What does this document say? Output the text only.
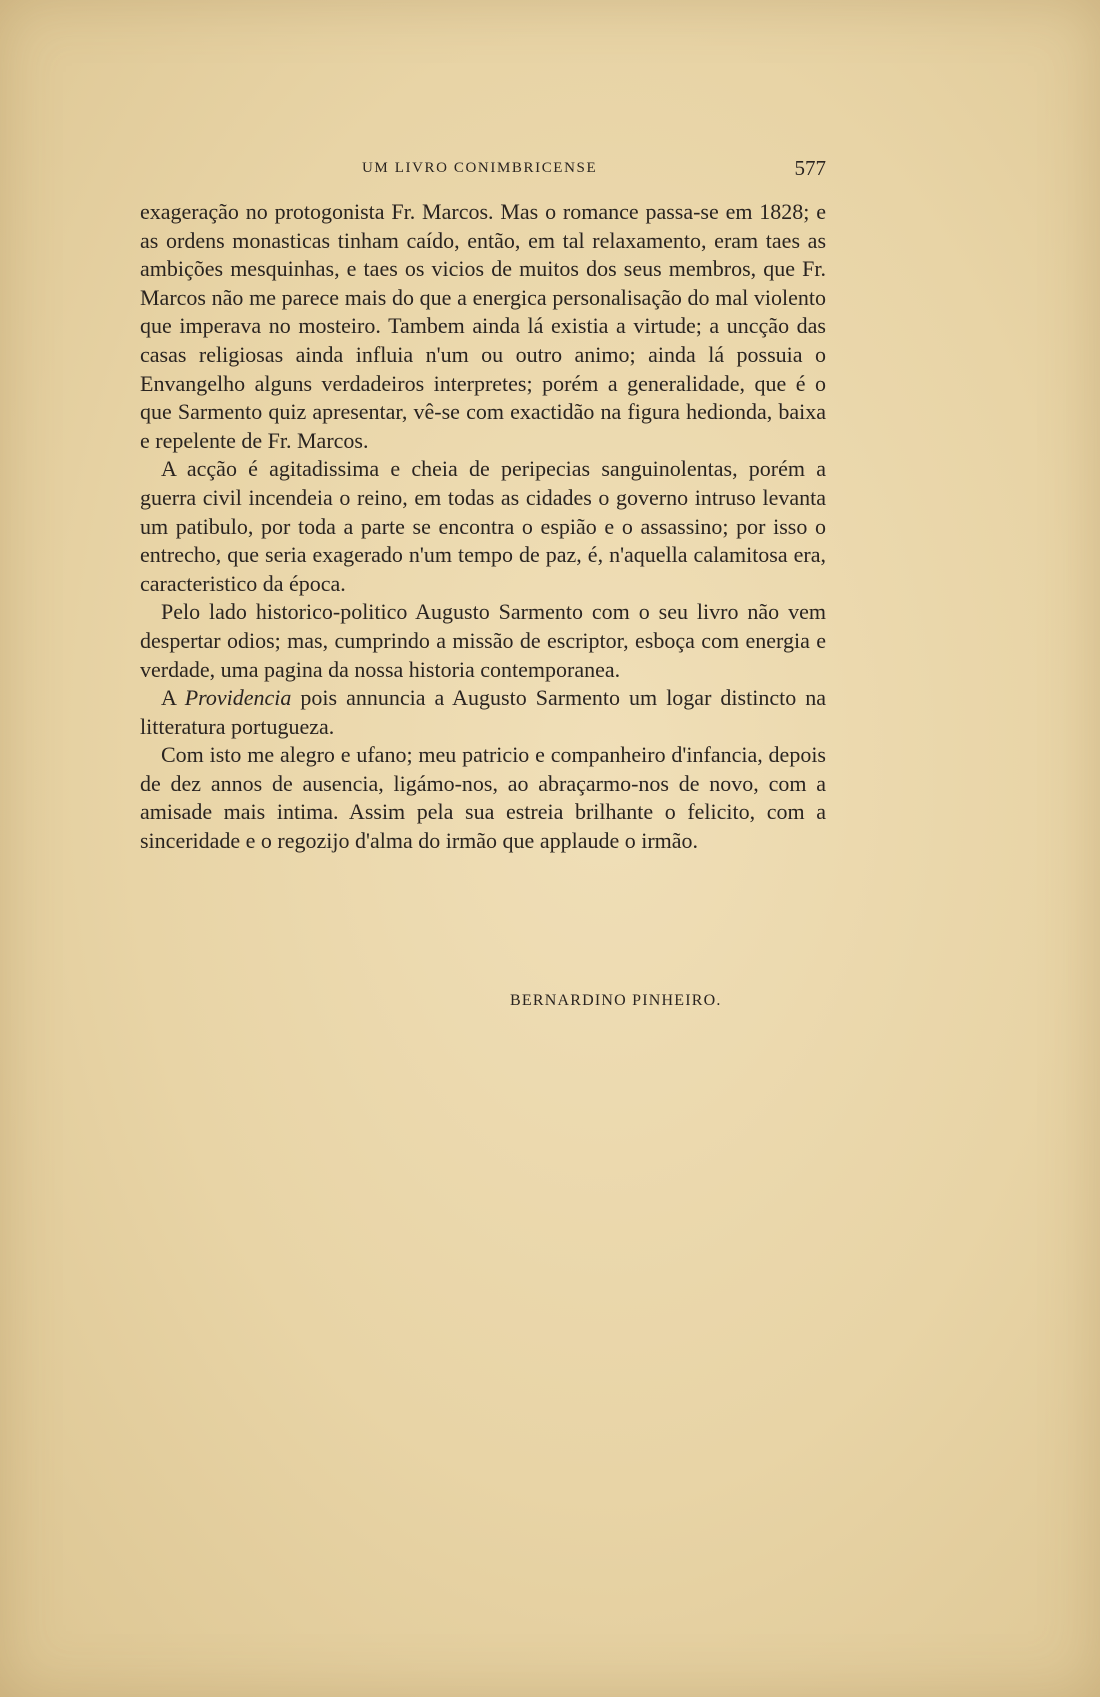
UM LIVRO CONIMBRICENSE	577

exageração no protogonista Fr. Marcos. Mas o romance passa-se em 1828; e as ordens monasticas tinham caído, então, em tal relaxamento, eram taes as ambições mesquinhas, e taes os vicios de muitos dos seus membros, que Fr. Marcos não me parece mais do que a energica personalisação do mal violento que imperava no mosteiro. Tambem ainda lá existia a virtude; a uncção das casas religiosas ainda influia n'um ou outro animo; ainda lá possuia o Envangelho alguns verdadeiros interpretes; porém a generalidade, que é o que Sarmento quiz apresentar, vê-se com exactidão na figura hedionda, baixa e repelente de Fr. Marcos.

A acção é agitadissima e cheia de peripecias sanguinolentas, porém a guerra civil incendeia o reino, em todas as cidades o governo intruso levanta um patibulo, por toda a parte se encontra o espião e o assassino; por isso o entrecho, que seria exagerado n'um tempo de paz, é, n'aquella calamitosa era, caracteristico da época.

Pelo lado historico-politico Augusto Sarmento com o seu livro não vem despertar odios; mas, cumprindo a missão de escriptor, esboça com energia e verdade, uma pagina da nossa historia contemporanea.

A Providencia pois annuncia a Augusto Sarmento um logar distincto na litteratura portugueza.

Com isto me alegro e ufano; meu patricio e companheiro d'infancia, depois de dez annos de ausencia, ligámo-nos, ao abraçarmo-nos de novo, com a amisade mais intima. Assim pela sua estreia brilhante o felicito, com a sinceridade e o regozijo d'alma do irmão que applaude o irmão.

BERNARDINO PINHEIRO.
